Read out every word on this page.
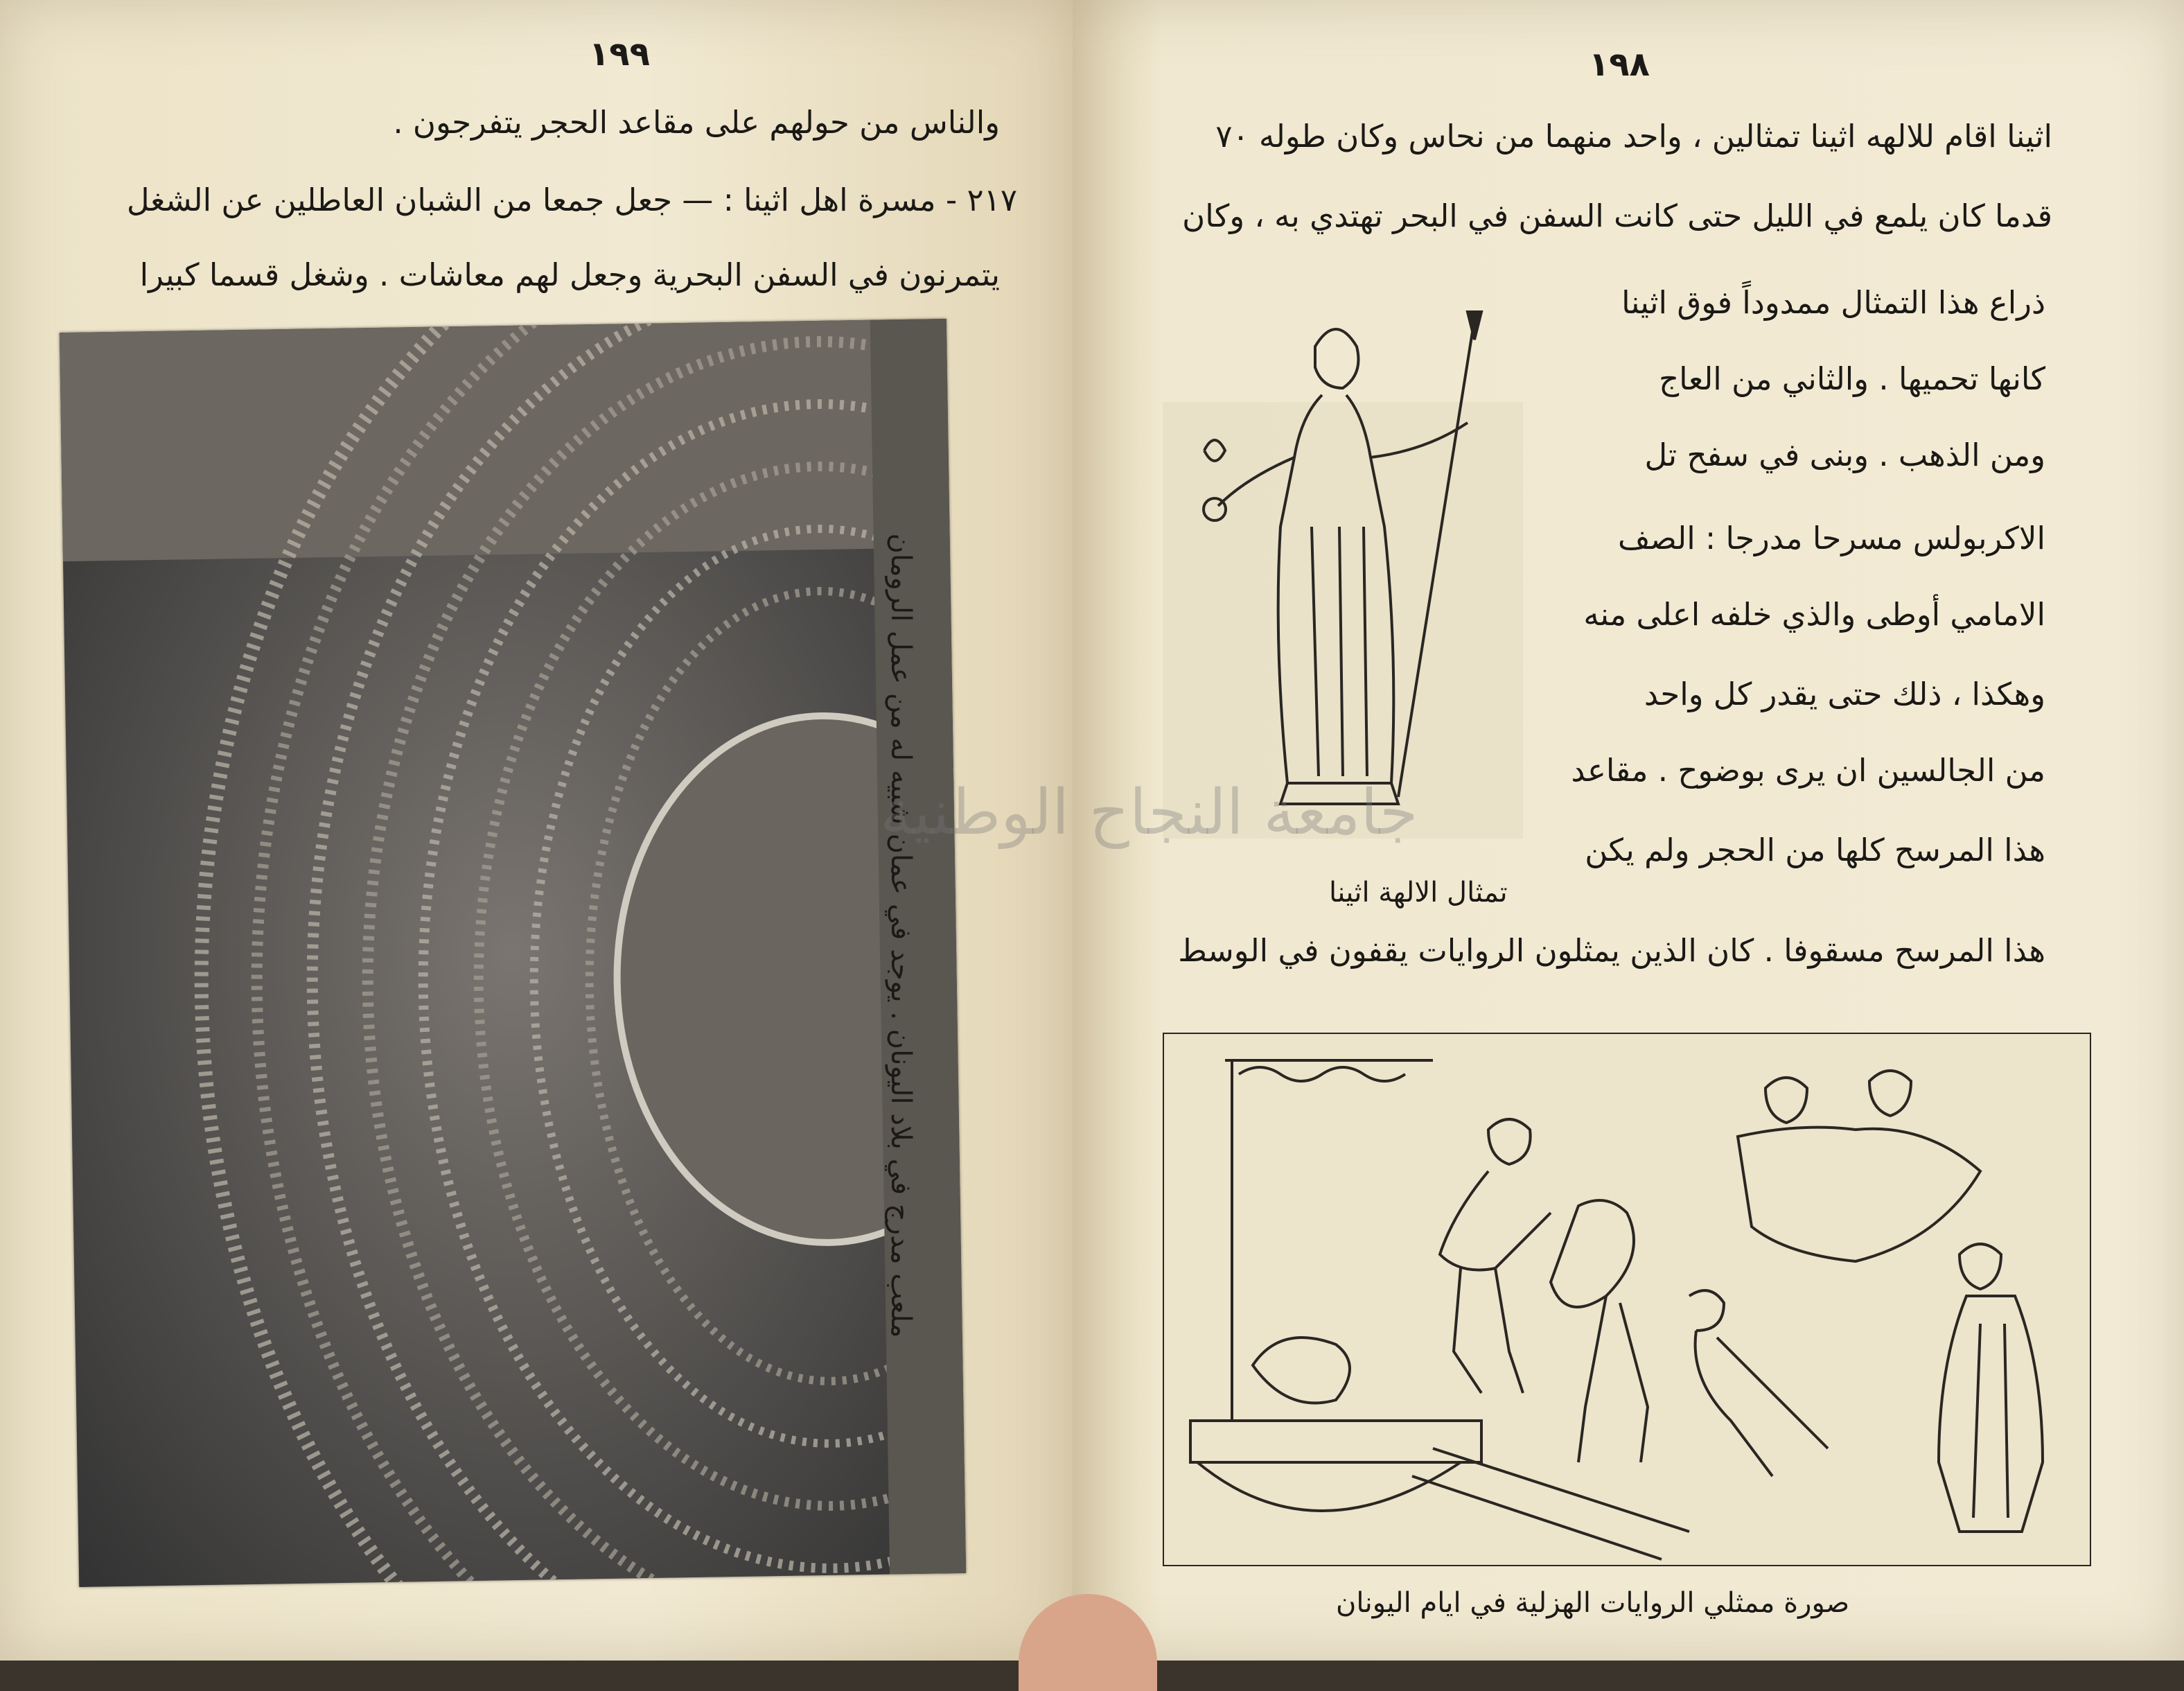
١٩٩
والناس من حولهم على مقاعد الحجر يتفرجون .
٢١٧ - مسرة اهل اثينا : — جعل جمعا من الشبان العاطلين عن الشغل
يتمرنون في السفن البحرية وجعل لهم معاشات . وشغل قسما كبيرا
ملعب مدرج في بلاد اليونان . يوجد في عمان شبيه له من عمل الرومان
١٩٨
اثينا اقام للالهه اثينا تمثالين ، واحد منهما من نحاس وكان طوله ٧٠
قدما كان يلمع في الليل حتى كانت السفن في البحر تهتدي به ، وكان
ذراع هذا التمثال ممدوداً فوق اثينا
كانها تحميها . والثاني من العاج
ومن الذهب . وبنى في سفح تل
الاكربولس مسرحا مدرجا : الصف
الامامي أوطى والذي خلفه اعلى منه
وهكذا ، ذلك حتى يقدر كل واحد
من الجالسين ان يرى بوضوح . مقاعد
هذا المرسح كلها من الحجر ولم يكن
تمثال الالهة اثينا
هذا المرسح مسقوفا . كان الذين يمثلون الروايات يقفون في الوسط
صورة ممثلي الروايات الهزلية في ايام اليونان
جامعة النجاح الوطنية
